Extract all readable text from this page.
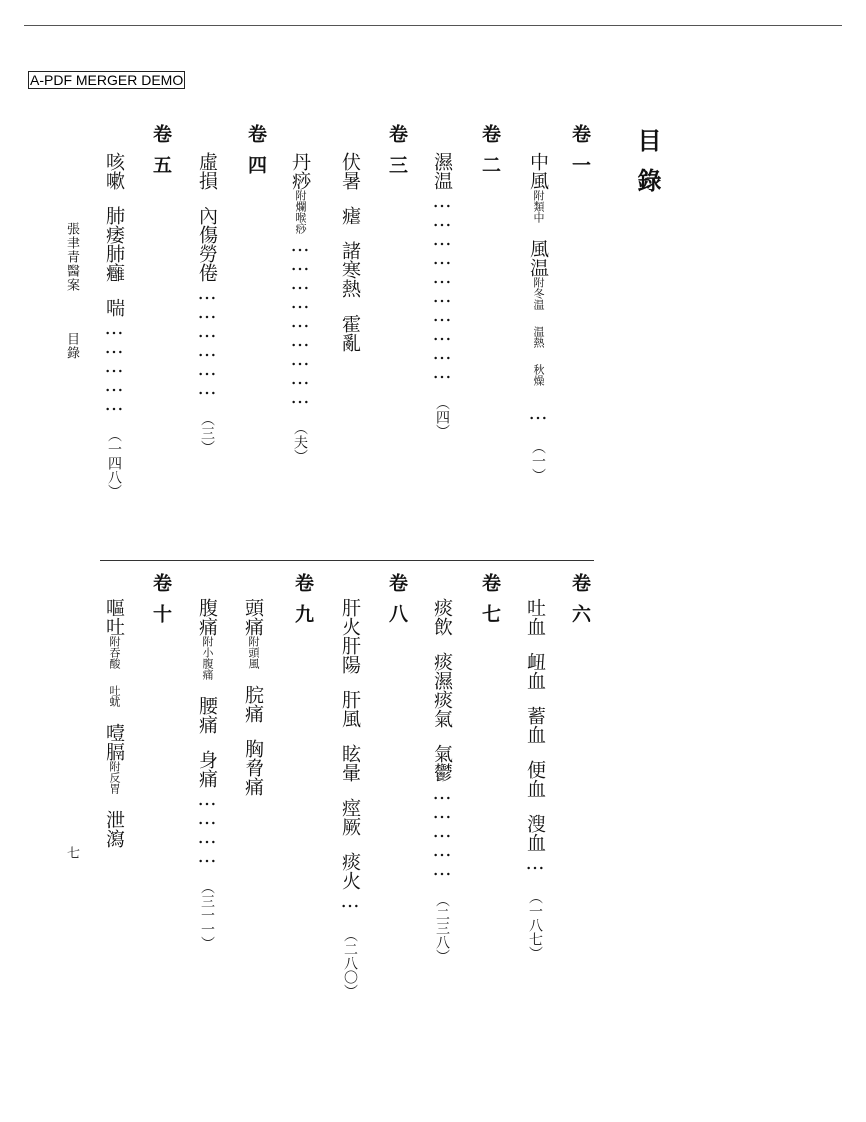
A-PDF MERGER DEMO
目錄
卷一
中風附類中風温附冬温温熱秋燥…（一）
卷二
濕温…………………………（四）
卷三
伏暑瘧諸寒熱霍亂
丹痧附爛喉痧………………………（夫）
卷四
虛損內傷勞倦………………（三）
卷五
咳嗽肺痿肺癰喘……………（一四八）
卷六
吐血衄血蓄血便血溲血…（一八七）
卷七
痰飲痰濕痰氣氣鬱……………（二三八）
卷八
肝火肝陽肝風眩暈痙厥痰火…（二八〇）
卷九
頭痛附頭風脘痛胸脅痛
腹痛附小腹痛腰痛身痛…………（三一一）
卷十
嘔吐附吞酸吐蚘噎膈附反胃泄瀉
張聿青醫案
目錄
七
